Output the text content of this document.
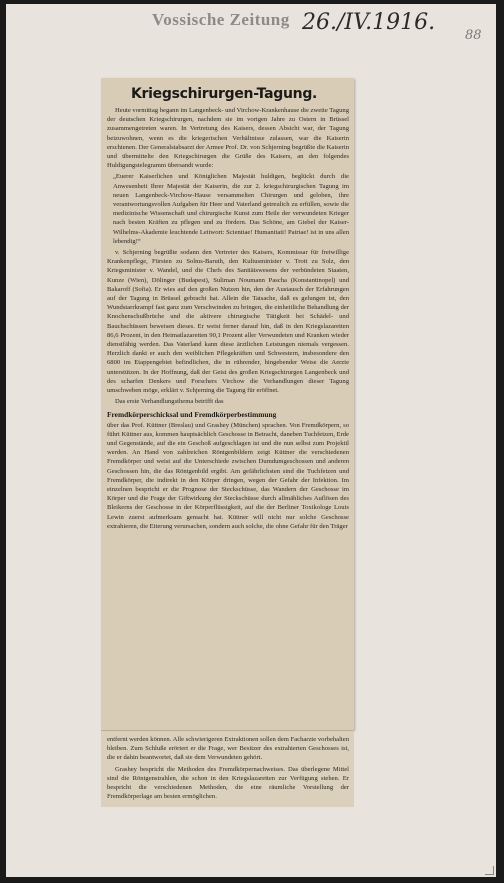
Vossische Zeitung 26./IV.1916.
88
Kriegschirurgen-Tagung.

Heute vormittag begann im Langenbeck- und Virchow-Krankenhause die zweite Tagung der deutschen Kriegschirurgen, nachdem sie im vorigen Jahre zu Ostern in Brüssel zusammengetreten waren. In Vertretung des Kaisers, dessen Absicht war, der Tagung beizuwohnen, wenn es die kriegerischen Verhältnisse zulassen, war die Kaiserin erschienen. Der Generalstabsarzt der Armee Prof. Dr. von Schjerning begrüßte die Kaiserin und übermittelte den Kriegschirurgen die Grüße des Kaisers, an den folgendes Huldigungstelegramm übersandt wurde:

„Euerer Kaiserlichen und Königlichen Majestät huldigen, beglückt durch die Anwesenheit Ihrer Majestät der Kaiserin, die zur 2. kriegschirurgischen Tagung im neuen Langenbeck-Virchow-Hause versammelten Chirurgen und geloben, ihre verantwortungsvollen Aufgaben für Heer und Vaterland getreulich zu erfüllen, sowie die medizinische Wissenschaft und chirurgische Kunst zum Heile der verwundeten Krieger nach besten Kräften zu pflegen und zu fördern. Das Schöne, am Giebel der Kaiser-Wilhelms-Akademie leuchtende Leitwort: Scientiae! Humanitati! Patriae! ist in uns allen lebendig!“

v. Schjerning begrüßte sodann den Vertreter des Kaisers, Kommissar für freiwillige Krankenpflege, Fürsten zu Solms-Baruth, den Kultusminister v. Trott zu Solz, den Kriegsminister v. Wandel, und die Chefs des Sanitätswesens der verbündeten Staaten, Kunze (Wien), Dölinger (Budapest), Suliman Noumann Pascha (Konstantinopel) und Bakaroff (Sofia). Er wies auf den großen Nutzen hin, den der Austausch der Erfahrungen auf der Tagung in Brüssel gebracht hat. Allein die Tatsache, daß es gelungen ist, den Wundstarrkrampf fast ganz zum Verschwinden zu bringen, die einheitliche Behandlung der Knochenschußbrüche und die aktivere chirurgische Tätigkeit bei Schädel- und Bauchschüssen beweisen dieses. Er weist ferner darauf hin, daß in den Kriegslazaretten 86,6 Prozent, in den Heimatlazaretten 90,1 Prozent aller Verwundeten und Kranken wieder dienstfähig werden. Das Vaterland kann diese ärztlichen Leistungen niemals vergessen. Herzlich dankt er auch den weiblichen Pflegekräften und Schwestern, insbesondere den 6800 im Etappengebiet befindlichen, die in rührender, hingebender Weise die Aerzte unterstützen. In der Hoffnung, daß der Geist des großen Kriegschirurgen Langenbeck und des scharfen Denkers und Forschers Virchow die Verhandlungen dieser Tagung umschweben möge, erklärt v. Schjerning die Tagung für eröffnet.

Das erste Verhandlungsthema betrifft das

Fremdkörperschicksal und Fremdkörperbestimmung

über das Prof. Küttner (Breslau) und Grashey (München) sprachen. Von Fremdkörpern, so führt Küttner aus, kommen hauptsächlich Geschosse in Betracht, daneben Tuchfetzen, Erde und Gegenstände, auf die ein Geschoß aufgeschlagen ist und die nun selbst zum Projektil werden. An Hand von zahlreichen Röntgenbildern zeigt Küttner die verschiedenen Fremdkörper und weist auf die Unterschiede zwischen Dumdumgeschossen und anderen Geschossen hin, die das Röntgenbild ergibt. Am gefährlichsten sind die Tuchfetzen und Fremdkörper, die indirekt in den Körper dringen, wegen der Gefahr der Infektion. Im einzelnen bespricht er die Prognose der Steckschüsse, das Wandern der Geschosse im Körper und die Frage der Giftwirkung der Steckschüsse durch allmähliches Auflösen des Bleikerns der Geschosse in der Körperflüssigkeit, auf die der Berliner Toxikologe Louis Lewin zuerst aufmerksam gemacht hat. Küttner will nicht nur solche Geschosse extrahieren, die Eiterung verursachen, sondern auch solche, die ohne Gefahr für den Träger

entfernt werden können. Alle schwierigeren Extraktionen sollen dem Facharzte vorbehalten bleiben. Zum Schluße erörtert er die Frage, wer Besitzer des extrahierten Geschosses ist, die er dahin beantwortet, daß sie dem Verwundeten gehört.

Grashey bespricht die Methoden des Fremdkörpernachweises. Das überlegene Mittel sind die Röntgenstrahlen, die schon in den Kriegslazaretten zur Verfügung stehen. Er bespricht die verschiedenen Methoden, die eine räumliche Vorstellung der Fremdkörperlage am besten ermöglichen.
